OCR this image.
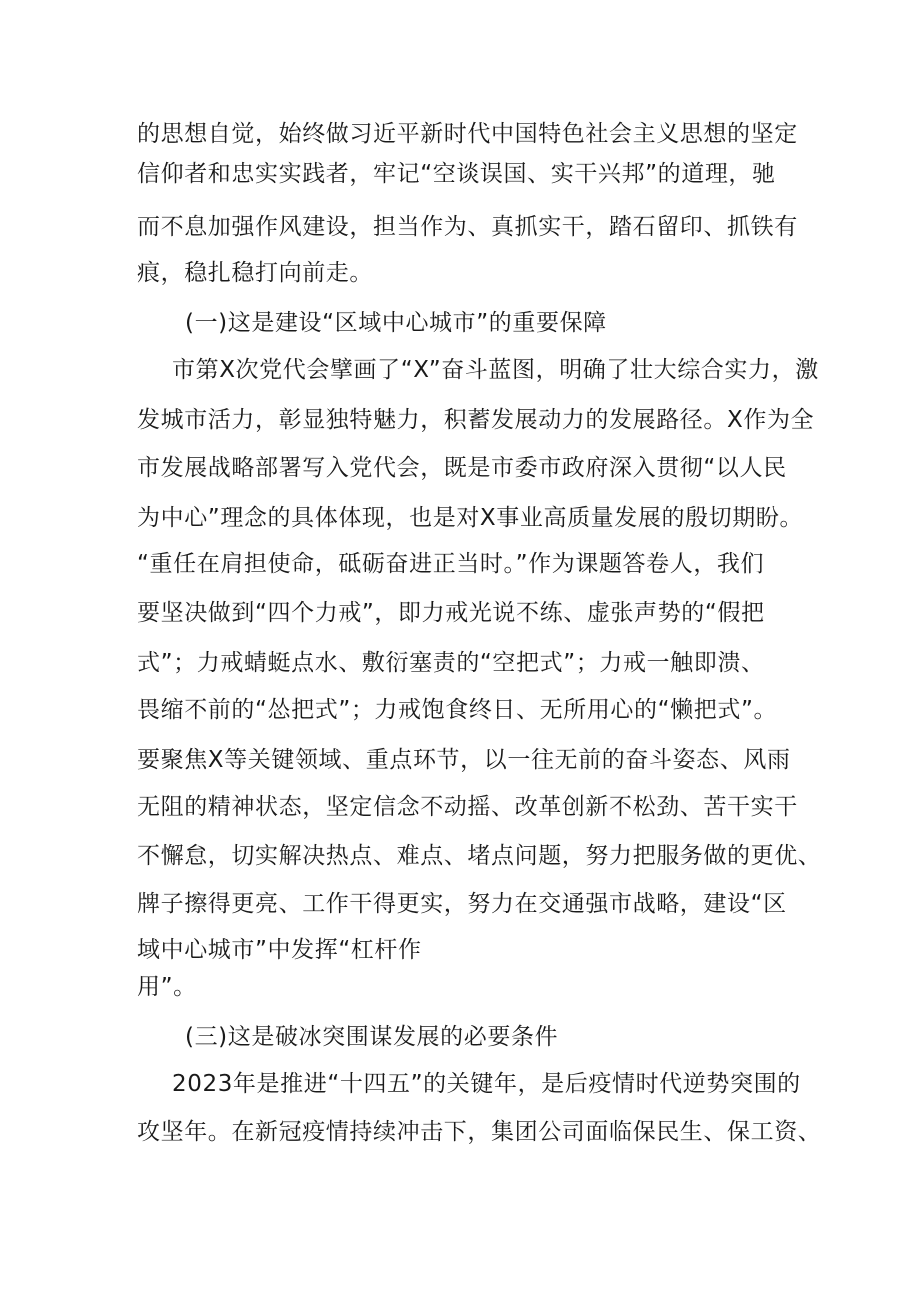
的思想自觉，始终做习近平新时代中国特色社会主义思想的坚定
信仰者和忠实实践者，牢记“空谈误国、实干兴邦”的道理，驰
而不息加强作风建设，担当作为、真抓实干，踏石留印、抓铁有
痕，稳扎稳打向前走。
(一)这是建设“区域中心城市”的重要保障
市第X次党代会擘画了“X”奋斗蓝图，明确了壮大综合实力，激
发城市活力，彰显独特魅力，积蓄发展动力的发展路径。X作为全
市发展战略部署写入党代会，既是市委市政府深入贯彻“以人民
为中心”理念的具体体现，也是对X事业高质量发展的殷切期盼。
“重任在肩担使命，砥砺奋进正当时。”作为课题答卷人，我们
要坚决做到“四个力戒”，即力戒光说不练、虚张声势的“假把
式”；力戒蜻蜓点水、敷衍塞责的“空把式”；力戒一触即溃、
畏缩不前的“怂把式”；力戒饱食终日、无所用心的“懒把式”。
要聚焦X等关键领域、重点环节，以一往无前的奋斗姿态、风雨
无阻的精神状态，坚定信念不动摇、改革创新不松劲、苦干实干
不懈怠，切实解决热点、难点、堵点问题，努力把服务做的更优、
牌子擦得更亮、工作干得更实，努力在交通强市战略，建设“区
域中心城市”中发挥“杠杆作
用”。
(三)这是破冰突围谋发展的必要条件
2023年是推进“十四五”的关键年，是后疫情时代逆势突围的
攻坚年。在新冠疫情持续冲击下，集团公司面临保民生、保工资、
